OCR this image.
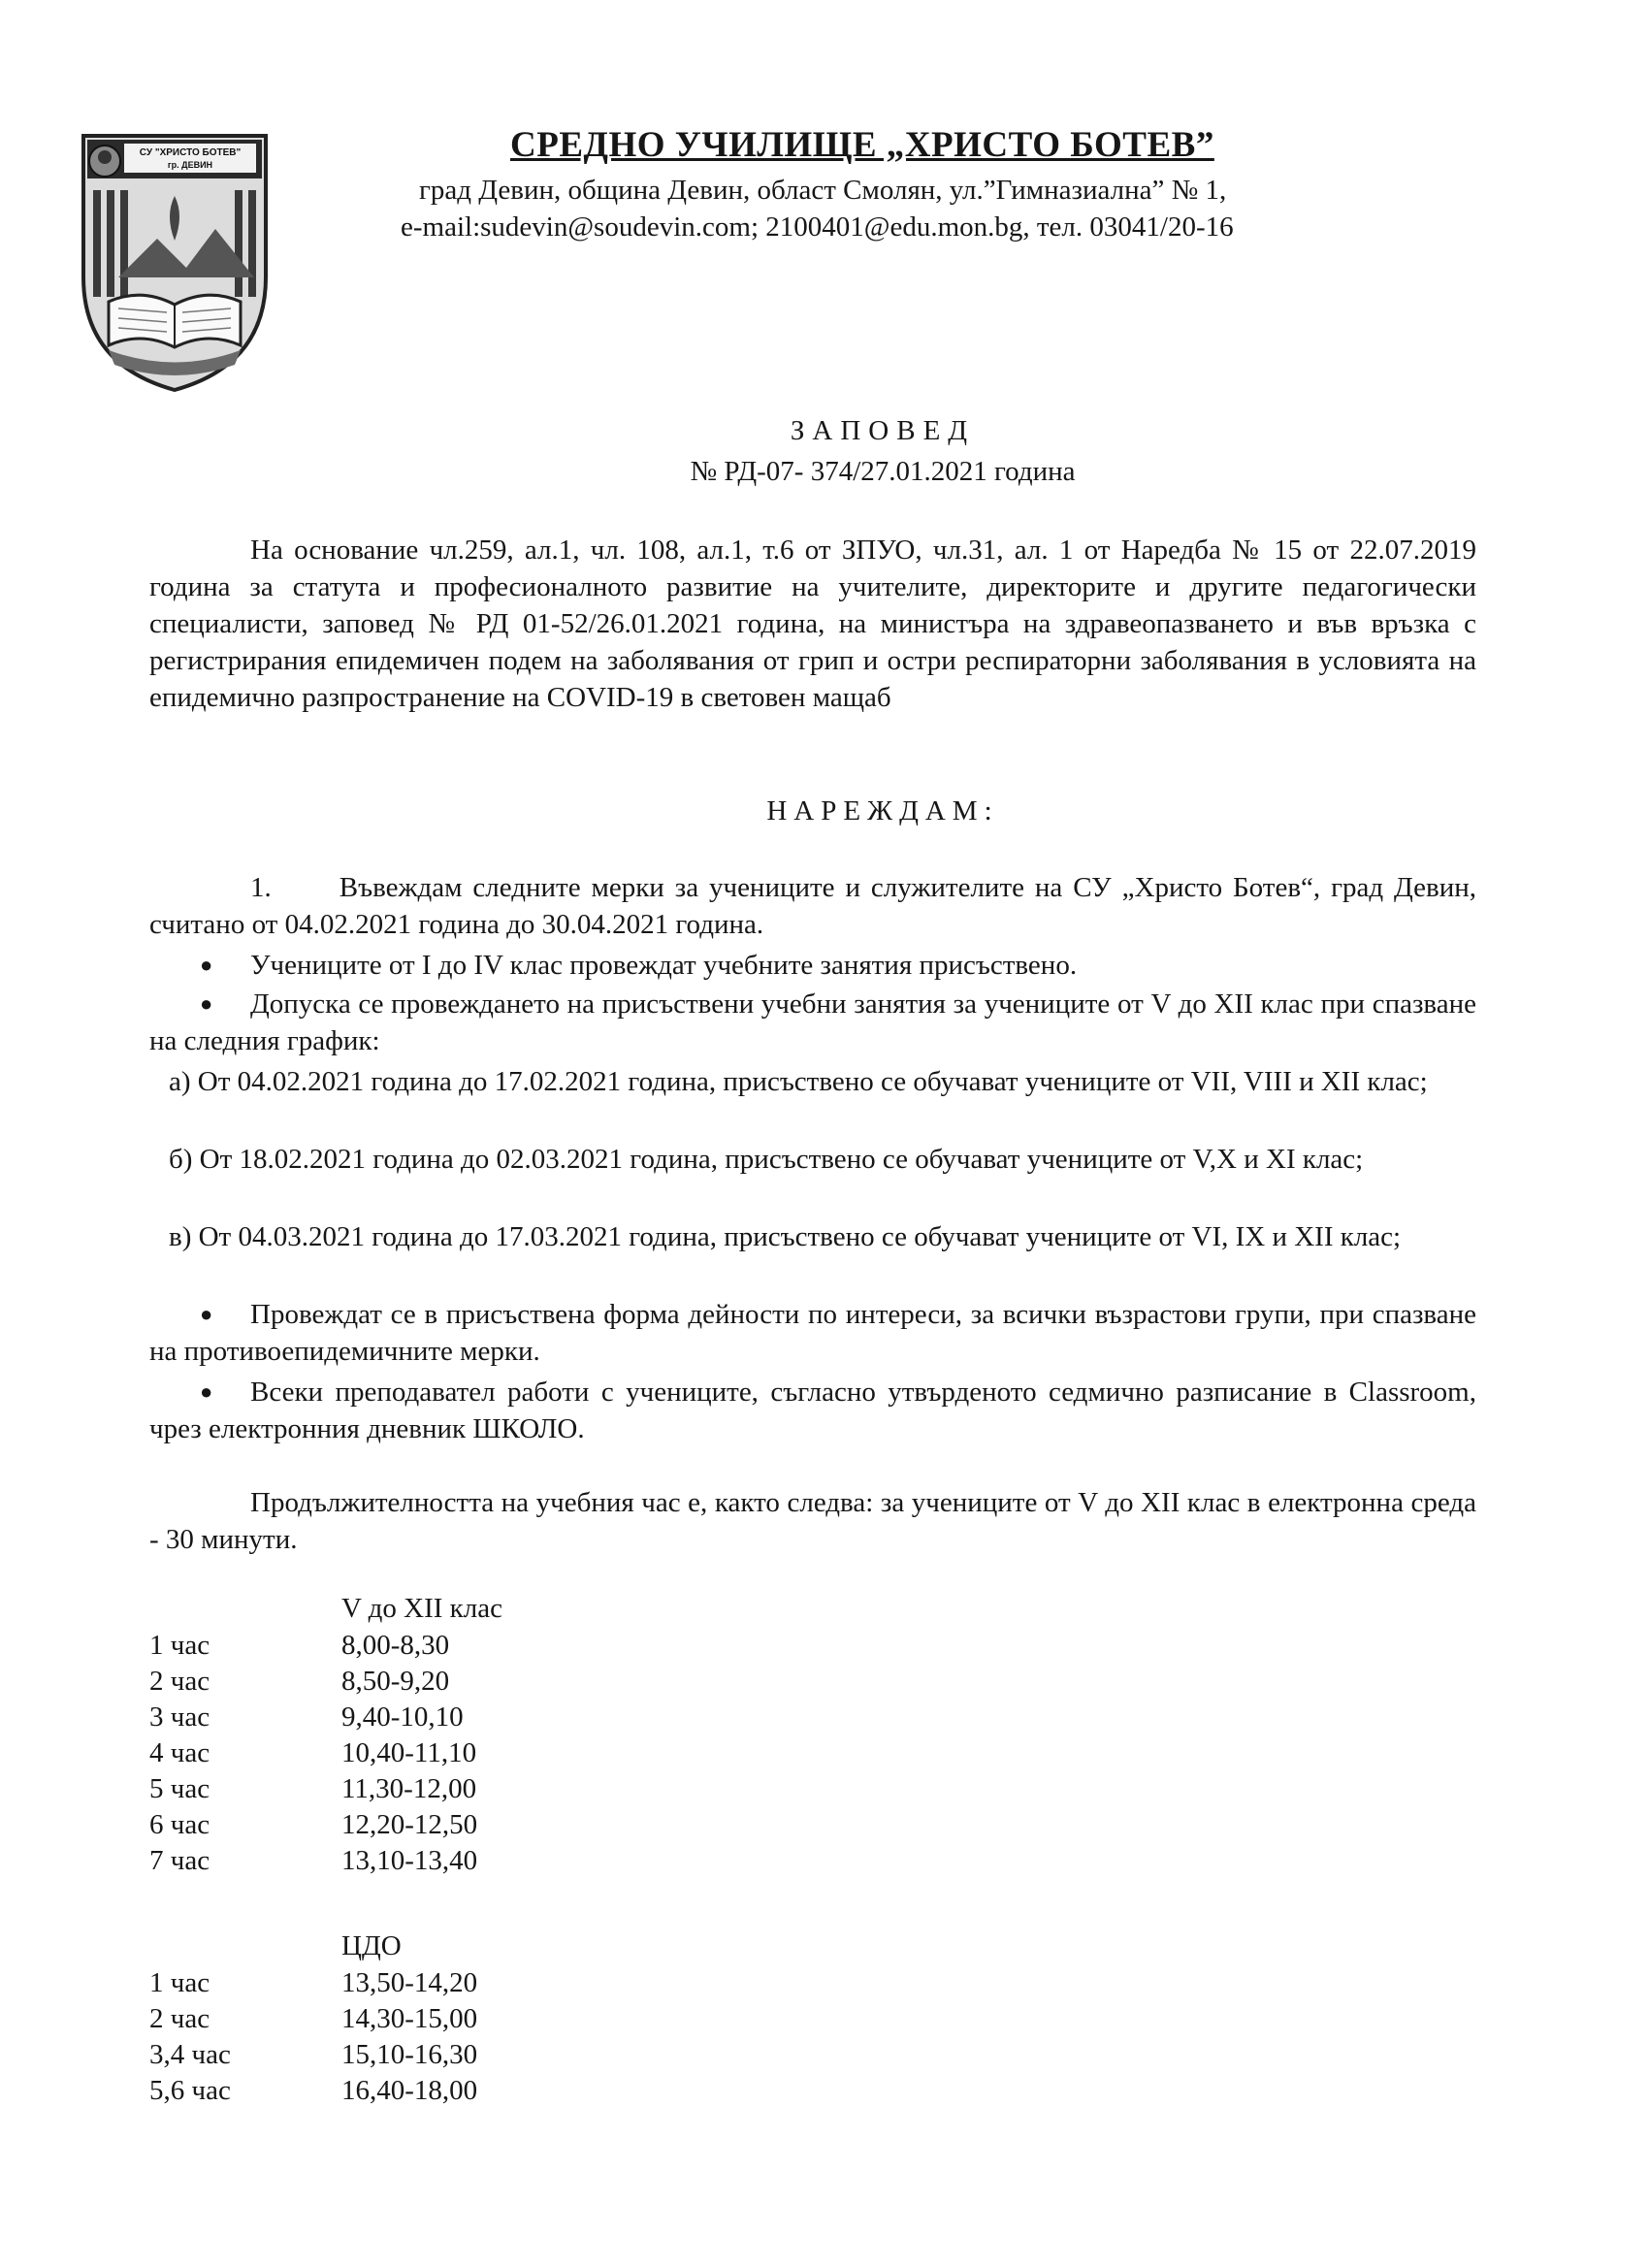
СУ "ХРИСТО БОТЕВ"
гр. ДЕВИН	СРЕДНО УЧИЛИЩЕ „ХРИСТО БОТЕВ”
град Девин, община Девин, област Смолян, ул.”Гимназиална” № 1,
e-mail:sudevin@soudevin.com; 2100401@edu.mon.bg, тел. 03041/20-16
ЗАПОВЕД
№ РД-07- 374/27.01.2021 година
На основание чл.259, ал.1, чл. 108, ал.1, т.6 от ЗПУО, чл.31, ал. 1 от Наредба № 15 от 22.07.2019 година за статута и професионалното развитие на учителите, директорите и другите педагогически специалисти, заповед № РД 01-52/26.01.2021 година, на министъра на здравеопазването и във връзка с регистрирания епидемичен подем на заболявания от грип и остри респираторни заболявания в условията на епидемично разпространение на COVID-19 в световен мащаб
НАРЕЖДАМ:
1. Въвеждам следните мерки за учениците и служителите на СУ „Христо Ботев“, град Девин, считано от 04.02.2021 година до 30.04.2021 година.
● Учениците от I до IV клас провеждат учебните занятия присъствено.
● Допуска се провеждането на присъствени учебни занятия за учениците от V до XII клас при спазване на следния график:
а) От 04.02.2021 година до 17.02.2021 година, присъствено се обучават учениците от VII, VIII и XII клас;
б) От 18.02.2021 година до 02.03.2021 година, присъствено се обучават учениците от V,X и XI клас;
в) От 04.03.2021 година до 17.03.2021 година, присъствено се обучават учениците от VI, IX и XII клас;
● Провеждат се в присъствена форма дейности по интереси, за всички възрастови групи, при спазване на противоепидемичните мерки.
● Всеки преподавател работи с учениците, съгласно утвърденото седмично разписание в Classroom, чрез електронния дневник ШКОЛО.
Продължителността на учебния час е, както следва: за учениците от V до XII клас в електронна среда - 30 минути.
V до XII клас
1 час	8,00-8,30
2 час	8,50-9,20
3 час	9,40-10,10
4 час	10,40-11,10
5 час	11,30-12,00
6 час	12,20-12,50
7 час	13,10-13,40
ЦДО
1 час	13,50-14,20
2 час	14,30-15,00
3,4 час	15,10-16,30
5,6 час	16,40-18,00
